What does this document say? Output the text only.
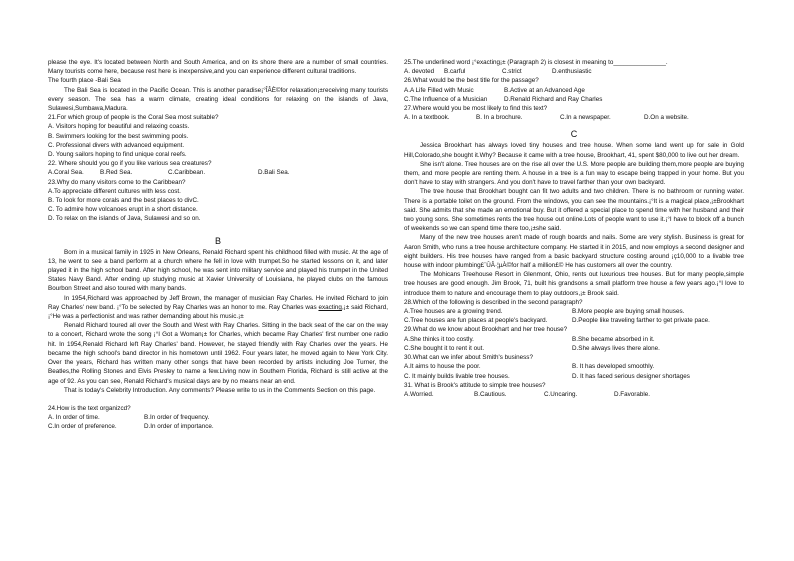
please the eye. It's located between North and South America, and on its shore there are a number of small countries. Many tourists come here, because rest here is inexpensive,and you can experience different cultural traditions.

The fourth place -Bali Sea

The Bali Sea is located in the Pacific Ocean. This is another paradise¡°ÎÂÈ©for relaxation¡±receiving many tourists every season. The sea has a warm climate, creating ideal conditions for relaxing on the islands of Java, Sulawesi,Sumbawa,Madura.

21.For which group of people is the Coral Sea most suitable?

A. Visitors hoping for beautiful and relaxing coasts.

B. Swimmers looking for the best swimming pools.

C. Professional divers with advanced equipment.

D. Young sailors hoping to find unique coral reefs.

22. Where should you go if you like various sea creatures?

A.Coral Sea.	B.Red Sea.	C.Caribbean.	D.Bali Sea.

23.Why do many visitors come to the Caribbean?

A.To appreciate different cultures with less cost.

B. To look for more corals and the best places to divC.

C. To admire how volcanoes erupt in a short distance.

D. To relax on the islands of Java, Sulawesi and so on.

B

Born in a musical family in 1925 in New Orleans, Renald Richard spent his childhood filled with music. At the age of 13, he went to see a band perform at a church where he fell in love with trumpet.So he started lessons on it, and later played it in the high school band. After high school, he was sent into military service and played his trumpet in the United States Navy Band. After ending up studying music at Xavier University of Louisiana, he played clubs on the famous Bourbon Street and also toured with many bands.

In 1954,Richard was approached by Jeff Brown, the manager of musician Ray Charles. He invited Richard to join Ray Charles' new band. ¡°To be selected by Ray Charles was an honor to me. Ray Charles was exacting,¡± said Richard, ¡°He was a perfectionist and was rather demanding about his music.¡±

Renald Richard toured all over the South and West with Ray Charles. Sitting in the back seat of the car on the way to a concert, Richard wrote the song ¡°I Got a Woman¡± for Charles, which became Ray Charles' first number one radio hit. In 1954,Renald Richard left Ray Charles' band. However, he stayed friendly with Ray Charles over the years. He became the high school's band director in his hometown until 1962. Four years later, he moved again to New York City. Over the years, Richard has written many other songs that have been recorded by artists including Joe Turner, the Beatles,the Rolling Stones and Elvis Presley to name a few.Living now in Southern Florida, Richard is still active at the age of 92. As you can see, Renald Richard's musical days are by no means near an end.

That is today's Celebrity Introduction. Any comments? Please write to us in the Comments Section on this page.

24.How is the text organizcd?

A. In order of time.	B.In order of frequency.
C.In order of preference.	D.In order of importance.

25.The underlined word ¡°exacting¡± (Paragraph 2) is closest in meaning to_______________.

A. devoted	B.carful	C.strict	D.enthusiastic

26.What would be the best title for the passage?

A.A Life Filled with Music	B.Active at an Advanced Age
C.The Influence of a Musician	D.Renald Richard and Ray Charles

27.Where would you be most likely to find this text?

A. In a textbook.	B. In a brochure.	C.In a newspaper.	D.On a website.

C

Jessica Brookhart has always loved tiny houses and tree house. When some land went up for sale in Gold Hill,Colorado,she bought it.Why? Because it came with a tree house, Brookhart, 41, spent $80,000 to live out her dream.

She isn't alone. Tree houses are on the rise all over the U.S. More people are building them,more people are buying them, and more people are renting them. A house in a tree is a fun way to escape being trapped in your home. But you don't have to stay with strangers. And you don't have to travel farther than your own backyard.

The tree house that Brookhart bought can fit two adults and two children. There is no bathroom or running water. There is a portable toilet on the ground. From the windows, you can see the mountains.¡°It is a magical place,¡±Brookhart said. She admits that she made an emotional buy. But it offered a special place to spend time with her husband and their two young sons. She sometimes rents the tree house out online.Lots of people want to use it.¡°I have to block off a bunch of weekends so we can spend time there too,¡±she said.

Many of the new tree houses aren't made of rough boards and nails. Some are very stylish. Business is great for Aaron Smith, who runs a tree house architecture company. He started it in 2015, and now employs a second designer and eight builders. His tree houses have ranged from a basic backyard structure costing around ¡ç10,000 to a livable tree house with indoor plumbing£¨ÛÂ·¦µÀ©for half a million£© He has customers all over the country.

The Mohicans Treehouse Resort in Glenmont, Ohio, rents out luxurious tree houses. But for many people,simple tree houses are good enough. Jim Brook, 71, built his grandsons a small platform tree house a few years ago.¡°I love to introduce them to nature and encourage them to play outdoors,¡± Brook said.

28.Which of the following is described in the second paragraph?

A.Tree houses are a growing trend.	B.More people are buying small houses.
C.Tree houses are fun places at people's backyard.	D.People like traveling farther to get private pace.

29.What do we know about Brookhart and her tree house?

A.She thinks it too costly.	B.She became absorbed in it.
C.She bought it to rent it out.	D.She always lives there alone.

30.What can we infer about Smith's business?

A.It aims to house the poor.	B. It has developed smoothly.
C. It mainly builds livable tree houses.	D. It has faced serious designer shortages

31. What is Brook's attitude to simple tree houses?

A.Worried.	B.Cautious.	C.Uncaring.	D.Favorable.
